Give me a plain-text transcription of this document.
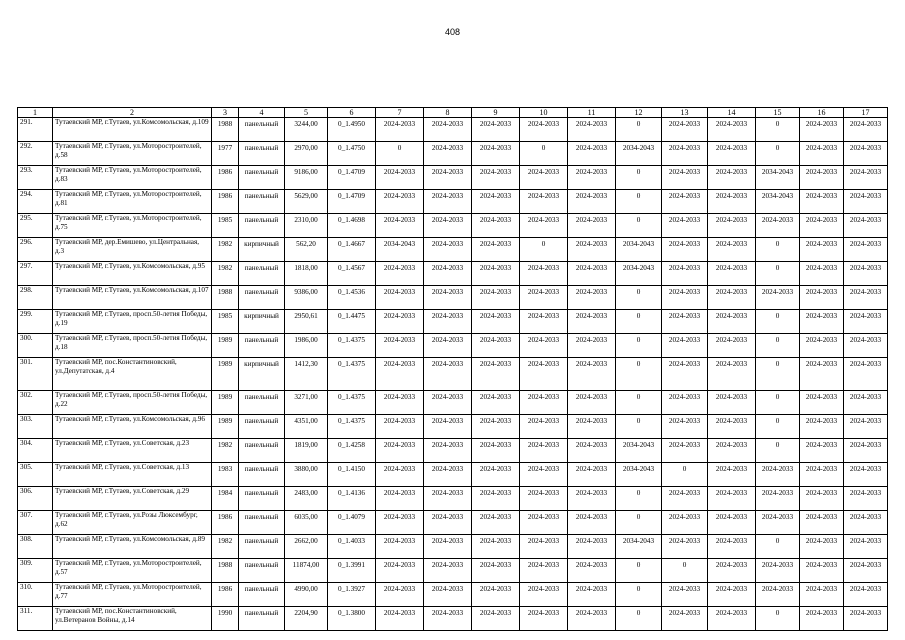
408
1	2	3	4	5	6	7	8	9	10	11	12	13	14	15	16	17
291.	Тутаевский МР, г.Тутаев, ул.Комсомольская, д.109	1988	панельный	3244,00	0_1.4950	2024-2033	2024-2033	2024-2033	2024-2033	2024-2033	0	2024-2033	2024-2033	0	2024-2033	2024-2033
292.	Тутаевский МР, г.Тутаев, ул.Моторостроителей, д.58	1977	панельный	2970,00	0_1.4750	0	2024-2033	2024-2033	0	2024-2033	2034-2043	2024-2033	2024-2033	0	2024-2033	2024-2033
293.	Тутаевский МР, г.Тутаев, ул.Моторостроителей, д.83	1986	панельный	9186,00	0_1.4709	2024-2033	2024-2033	2024-2033	2024-2033	2024-2033	0	2024-2033	2024-2033	2034-2043	2024-2033	2024-2033
294.	Тутаевский МР, г.Тутаев, ул.Моторостроителей, д.81	1986	панельный	5629,00	0_1.4709	2024-2033	2024-2033	2024-2033	2024-2033	2024-2033	0	2024-2033	2024-2033	2034-2043	2024-2033	2024-2033
295.	Тутаевский МР, г.Тутаев, ул.Моторостроителей, д.75	1985	панельный	2310,00	0_1.4698	2024-2033	2024-2033	2024-2033	2024-2033	2024-2033	0	2024-2033	2024-2033	2024-2033	2024-2033	2024-2033
296.	Тутаевский МР, дер.Емишево, ул.Центральная, д.3	1982	кирпичный	562,20	0_1.4667	2034-2043	2024-2033	2024-2033	0	2024-2033	2034-2043	2024-2033	2024-2033	0	2024-2033	2024-2033
297.	Тутаевский МР, г.Тутаев, ул.Комсомольская, д.95	1982	панельный	1818,00	0_1.4567	2024-2033	2024-2033	2024-2033	2024-2033	2024-2033	2034-2043	2024-2033	2024-2033	0	2024-2033	2024-2033
298.	Тутаевский МР, г.Тутаев, ул.Комсомольская, д.107	1988	панельный	9386,00	0_1.4536	2024-2033	2024-2033	2024-2033	2024-2033	2024-2033	0	2024-2033	2024-2033	2024-2033	2024-2033	2024-2033
299.	Тутаевский МР, г.Тутаев, просп.50-летия Победы, д.19	1985	кирпичный	2950,61	0_1.4475	2024-2033	2024-2033	2024-2033	2024-2033	2024-2033	0	2024-2033	2024-2033	0	2024-2033	2024-2033
300.	Тутаевский МР, г.Тутаев, просп.50-летия Победы, д.18	1989	панельный	1986,00	0_1.4375	2024-2033	2024-2033	2024-2033	2024-2033	2024-2033	0	2024-2033	2024-2033	0	2024-2033	2024-2033
301.	Тутаевский МР, пос.Константиновский, ул.Депутатская, д.4	1989	кирпичный	1412,30	0_1.4375	2024-2033	2024-2033	2024-2033	2024-2033	2024-2033	0	2024-2033	2024-2033	0	2024-2033	2024-2033
302.	Тутаевский МР, г.Тутаев, просп.50-летия Победы, д.22	1989	панельный	3271,00	0_1.4375	2024-2033	2024-2033	2024-2033	2024-2033	2024-2033	0	2024-2033	2024-2033	0	2024-2033	2024-2033
303.	Тутаевский МР, г.Тутаев, ул.Комсомольская, д.96	1989	панельный	4351,00	0_1.4375	2024-2033	2024-2033	2024-2033	2024-2033	2024-2033	0	2024-2033	2024-2033	0	2024-2033	2024-2033
304.	Тутаевский МР, г.Тутаев, ул.Советская, д.23	1982	панельный	1819,00	0_1.4258	2024-2033	2024-2033	2024-2033	2024-2033	2024-2033	2034-2043	2024-2033	2024-2033	0	2024-2033	2024-2033
305.	Тутаевский МР, г.Тутаев, ул.Советская, д.13	1983	панельный	3880,00	0_1.4150	2024-2033	2024-2033	2024-2033	2024-2033	2024-2033	2034-2043	0	2024-2033	2024-2033	2024-2033	2024-2033
306.	Тутаевский МР, г.Тутаев, ул.Советская, д.29	1984	панельный	2483,00	0_1.4136	2024-2033	2024-2033	2024-2033	2024-2033	2024-2033	0	2024-2033	2024-2033	2024-2033	2024-2033	2024-2033
307.	Тутаевский МР, г.Тутаев, ул.Розы Люксембург, д.62	1986	панельный	6035,00	0_1.4079	2024-2033	2024-2033	2024-2033	2024-2033	2024-2033	0	2024-2033	2024-2033	2024-2033	2024-2033	2024-2033
308.	Тутаевский МР, г.Тутаев, ул.Комсомольская, д.89	1982	панельный	2662,00	0_1.4033	2024-2033	2024-2033	2024-2033	2024-2033	2024-2033	2034-2043	2024-2033	2024-2033	0	2024-2033	2024-2033
309.	Тутаевский МР, г.Тутаев, ул.Моторостроителей, д.57	1988	панельный	11874,00	0_1.3991	2024-2033	2024-2033	2024-2033	2024-2033	2024-2033	0	0	2024-2033	2024-2033	2024-2033	2024-2033
310.	Тутаевский МР, г.Тутаев, ул.Моторостроителей, д.77	1986	панельный	4990,00	0_1.3927	2024-2033	2024-2033	2024-2033	2024-2033	2024-2033	0	2024-2033	2024-2033	2024-2033	2024-2033	2024-2033
311.	Тутаевский МР, пос.Константиновский, ул.Ветеранов Войны, д.14	1990	панельный	2204,90	0_1.3800	2024-2033	2024-2033	2024-2033	2024-2033	2024-2033	0	2024-2033	2024-2033	0	2024-2033	2024-2033
